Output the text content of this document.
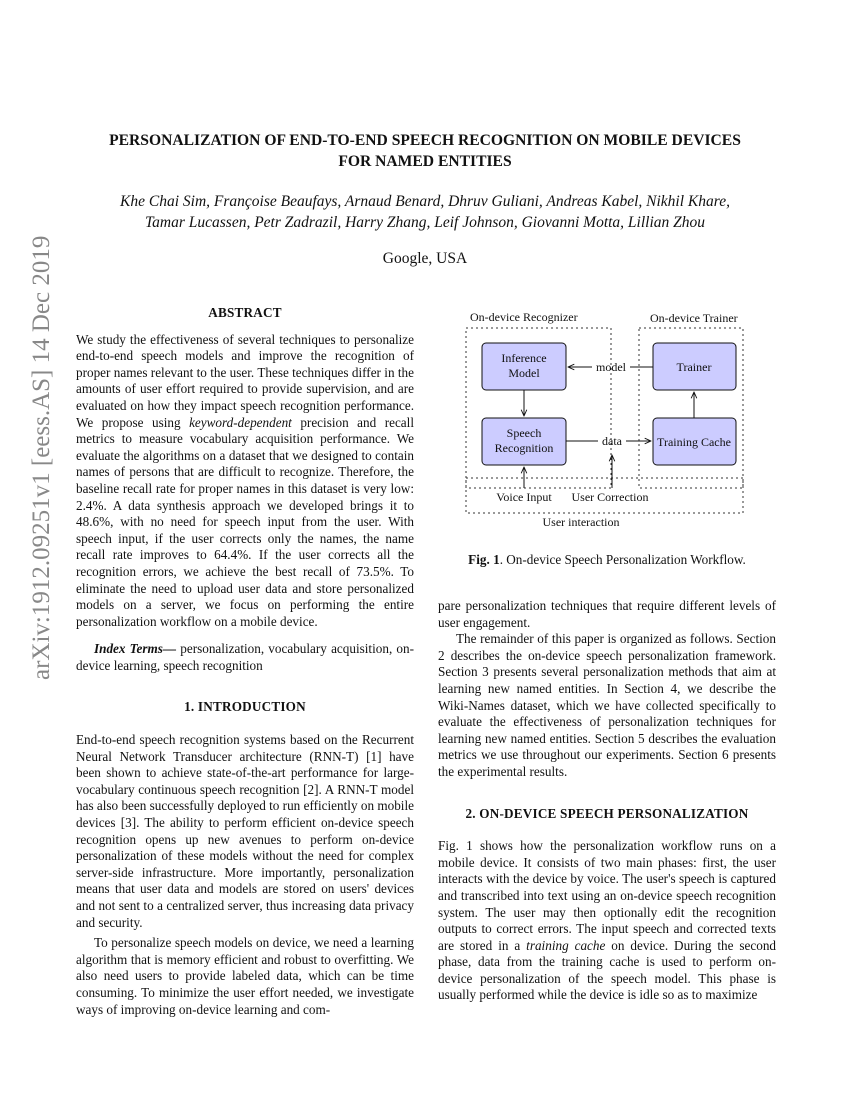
PERSONALIZATION OF END-TO-END SPEECH RECOGNITION ON MOBILE DEVICES
FOR NAMED ENTITIES
Khe Chai Sim, Françoise Beaufays, Arnaud Benard, Dhruv Guliani, Andreas Kabel, Nikhil Khare,
Tamar Lucassen, Petr Zadrazil, Harry Zhang, Leif Johnson, Giovanni Motta, Lillian Zhou
Google, USA
arXiv:1912.09251v1 [eess.AS] 14 Dec 2019	ABSTRACT

We study the effectiveness of several techniques to personalize end-to-end speech models and improve the recognition of proper names relevant to the user. These techniques differ in the amounts of user effort required to provide supervision, and are evaluated on how they impact speech recognition performance. We propose using keyword-dependent precision and recall metrics to measure vocabulary acquisition performance. We evaluate the algorithms on a dataset that we designed to contain names of persons that are difficult to recognize. Therefore, the baseline recall rate for proper names in this dataset is very low: 2.4%. A data synthesis approach we developed brings it to 48.6%, with no need for speech input from the user. With speech input, if the user corrects only the names, the name recall rate improves to 64.4%. If the user corrects all the recognition errors, we achieve the best recall of 73.5%. To eliminate the need to upload user data and store personalized models on a server, we focus on performing the entire personalization workflow on a mobile device.

Index Terms— personalization, vocabulary acquisition, on-device learning, speech recognition

1. INTRODUCTION

End-to-end speech recognition systems based on the Recurrent Neural Network Transducer architecture (RNN-T) [1] have been shown to achieve state-of-the-art performance for large-vocabulary continuous speech recognition [2]. A RNN-T model has also been successfully deployed to run efficiently on mobile devices [3]. The ability to perform efficient on-device speech recognition opens up new avenues to perform on-device personalization of these models without the need for complex server-side infrastructure. More importantly, personalization means that user data and models are stored on users' devices and not sent to a centralized server, thus increasing data privacy and security.

To personalize speech models on device, we need a learning algorithm that is memory efficient and robust to overfitting. We also need users to provide labeled data, which can be time consuming. To minimize the user effort needed, we investigate ways of improving on-device learning and com-

On-device Recognizer	On-device Trainer
Inference
Model
Speech
Recognition
Trainer
Training Cache
model
data
Voice Input User Correction
User interaction
Fig. 1. On-device Speech Personalization Workflow.

pare personalization techniques that require different levels of user engagement.

The remainder of this paper is organized as follows. Section 2 describes the on-device speech personalization framework. Section 3 presents several personalization methods that aim at learning new named entities. In Section 4, we describe the Wiki-Names dataset, which we have collected specifically to evaluate the effectiveness of personalization techniques for learning new named entities. Section 5 describes the evaluation metrics we use throughout our experiments. Section 6 presents the experimental results.

2. ON-DEVICE SPEECH PERSONALIZATION

Fig. 1 shows how the personalization workflow runs on a mobile device. It consists of two main phases: first, the user interacts with the device by voice. The user's speech is captured and transcribed into text using an on-device speech recognition system. The user may then optionally edit the recognition outputs to correct errors. The input speech and corrected texts are stored in a training cache on device. During the second phase, data from the training cache is used to perform on-device personalization of the speech model. This phase is usually performed while the device is idle so as to maximize
